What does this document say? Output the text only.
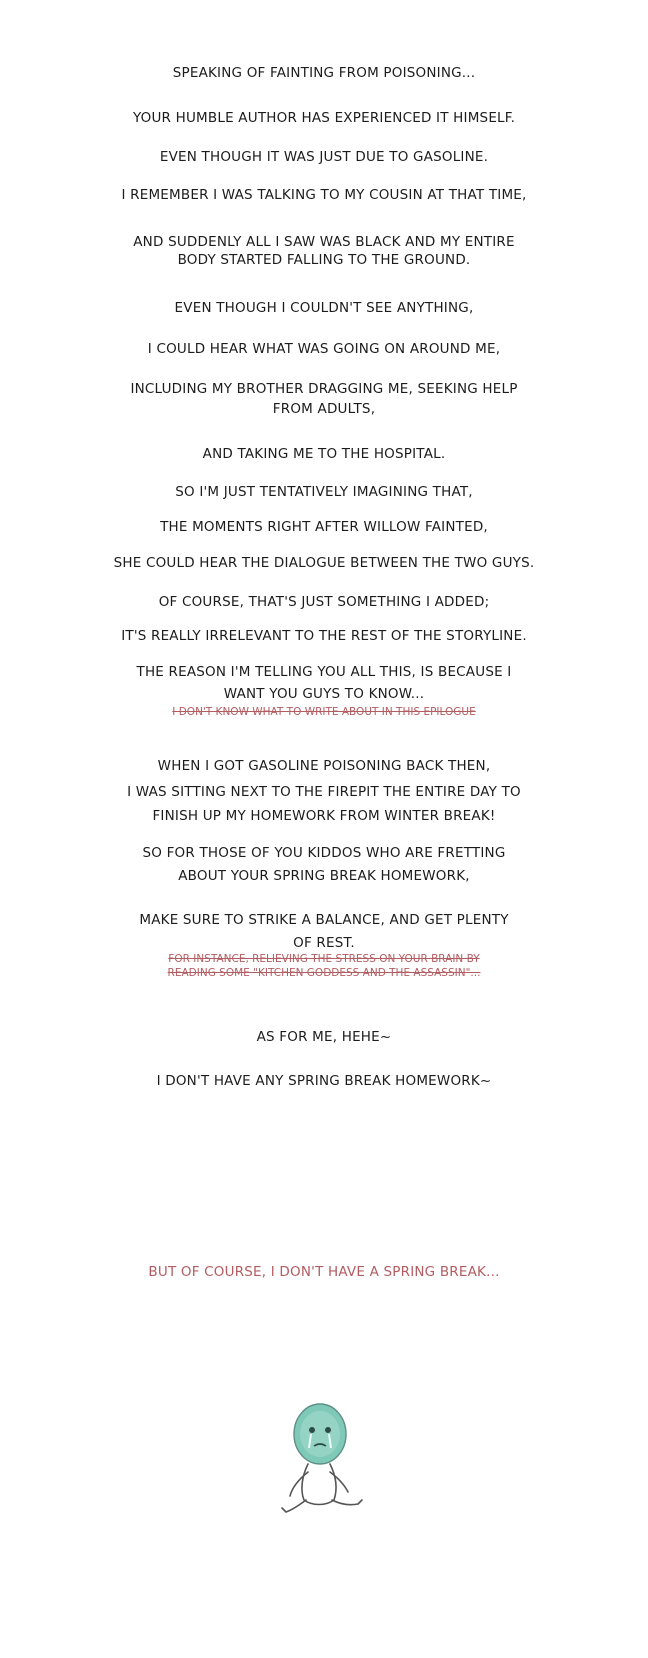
SPEAKING OF FAINTING FROM POISONING...
YOUR HUMBLE AUTHOR HAS EXPERIENCED IT HIMSELF.
EVEN THOUGH IT WAS JUST DUE TO GASOLINE.
I REMEMBER I WAS TALKING TO MY COUSIN AT THAT TIME,
AND SUDDENLY ALL I SAW WAS BLACK AND MY ENTIRE
BODY STARTED FALLING TO THE GROUND.
EVEN THOUGH I COULDN'T SEE ANYTHING,
I COULD HEAR WHAT WAS GOING ON AROUND ME,
INCLUDING MY BROTHER DRAGGING ME, SEEKING HELP
FROM ADULTS,
AND TAKING ME TO THE HOSPITAL.
SO I'M JUST TENTATIVELY IMAGINING THAT,
THE MOMENTS RIGHT AFTER WILLOW FAINTED,
SHE COULD HEAR THE DIALOGUE BETWEEN THE TWO GUYS.
OF COURSE, THAT'S JUST SOMETHING I ADDED;
IT'S REALLY IRRELEVANT TO THE REST OF THE STORYLINE.
THE REASON I'M TELLING YOU ALL THIS, IS BECAUSE I
WANT YOU GUYS TO KNOW...
I DON'T KNOW WHAT TO WRITE ABOUT IN THIS EPILOGUE
WHEN I GOT GASOLINE POISONING BACK THEN,
I WAS SITTING NEXT TO THE FIREPIT THE ENTIRE DAY TO
FINISH UP MY HOMEWORK FROM WINTER BREAK!
SO FOR THOSE OF YOU KIDDOS WHO ARE FRETTING
ABOUT YOUR SPRING BREAK HOMEWORK,
MAKE SURE TO STRIKE A BALANCE, AND GET PLENTY
OF REST.
FOR INSTANCE, RELIEVING THE STRESS ON YOUR BRAIN BY
READING SOME "KITCHEN GODDESS AND THE ASSASSIN"...
AS FOR ME, HEHE~
I DON'T HAVE ANY SPRING BREAK HOMEWORK~
BUT OF COURSE, I DON'T HAVE A SPRING BREAK...
